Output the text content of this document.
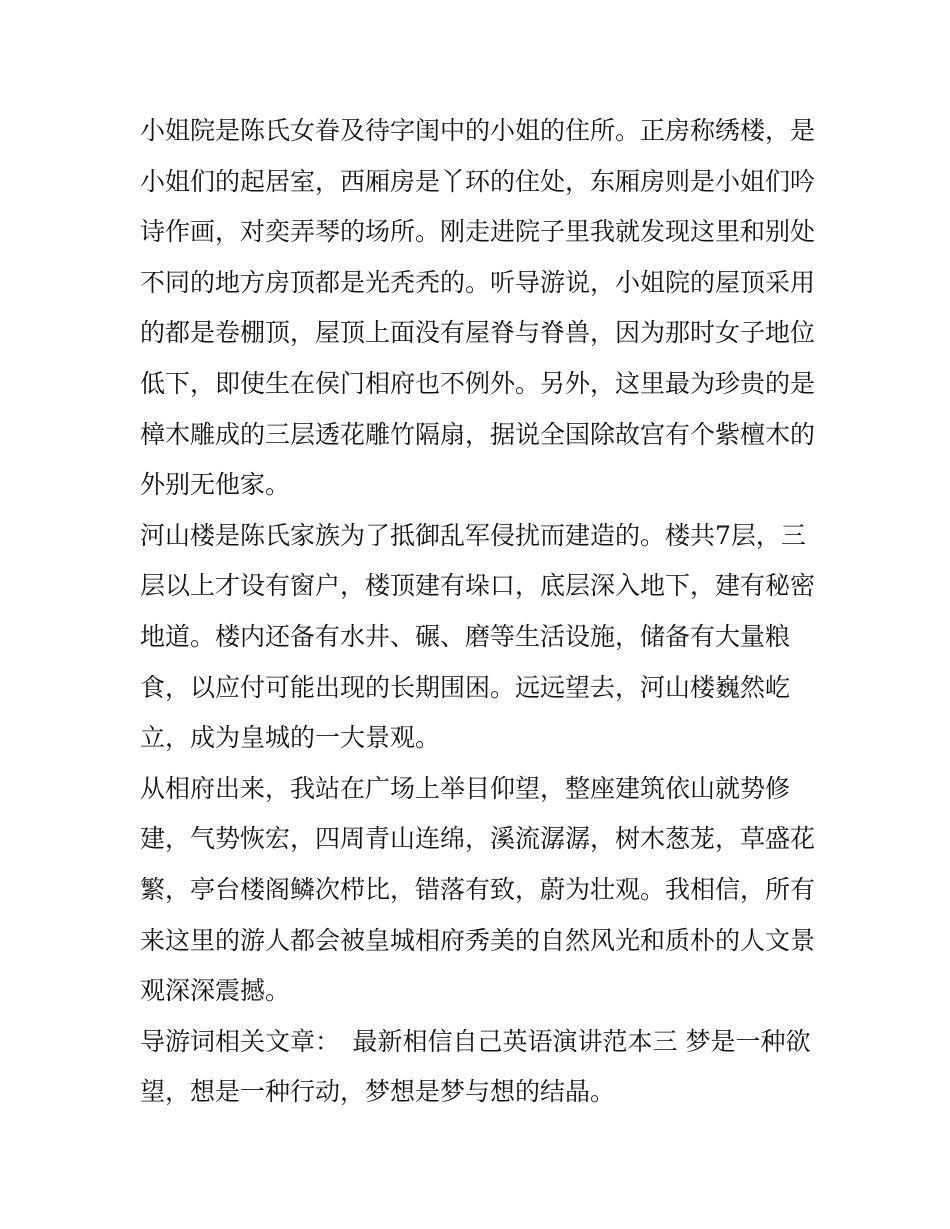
小姐院是陈氏女眷及待字闺中的小姐的住所。正房称绣楼，是
小姐们的起居室，西厢房是丫环的住处，东厢房则是小姐们吟
诗作画，对奕弄琴的场所。刚走进院子里我就发现这里和别处
不同的地方房顶都是光秃秃的。听导游说，小姐院的屋顶采用
的都是卷棚顶，屋顶上面没有屋脊与脊兽，因为那时女子地位
低下，即使生在侯门相府也不例外。另外，这里最为珍贵的是
樟木雕成的三层透花雕竹隔扇，据说全国除故宫有个紫檀木的
外别无他家。
河山楼是陈氏家族为了抵御乱军侵扰而建造的。楼共7层，三
层以上才设有窗户，楼顶建有垛口，底层深入地下，建有秘密
地道。楼内还备有水井、碾、磨等生活设施，储备有大量粮
食，以应付可能出现的长期围困。远远望去，河山楼巍然屹
立，成为皇城的一大景观。
从相府出来，我站在广场上举目仰望，整座建筑依山就势修
建，气势恢宏，四周青山连绵，溪流潺潺，树木葱茏，草盛花
繁，亭台楼阁鳞次栉比，错落有致，蔚为壮观。我相信，所有
来这里的游人都会被皇城相府秀美的自然风光和质朴的人文景
观深深震撼。
导游词相关文章：　最新相信自己英语演讲范本三 梦是一种欲
望，想是一种行动，梦想是梦与想的结晶。
